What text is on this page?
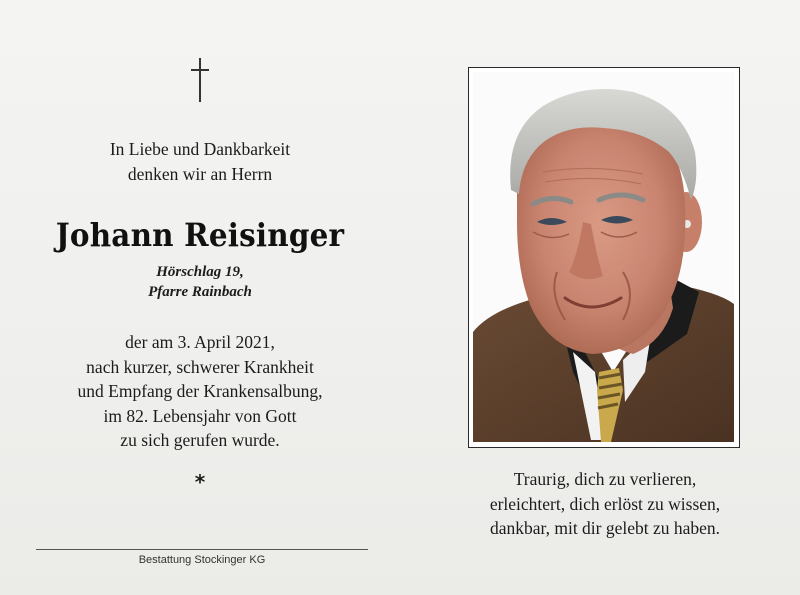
In Liebe und Dankbarkeit
denken wir an Herrn
Johann Reisinger
Hörschlag 19,
Pfarre Rainbach
der am 3. April 2021,
nach kurzer, schwerer Krankheit
und Empfang der Krankensalbung,
im 82. Lebensjahr von Gott
zu sich gerufen wurde.
*
Bestattung Stockinger KG
Traurig, dich zu verlieren,
erleichtert, dich erlöst zu wissen,
dankbar, mit dir gelebt zu haben.
